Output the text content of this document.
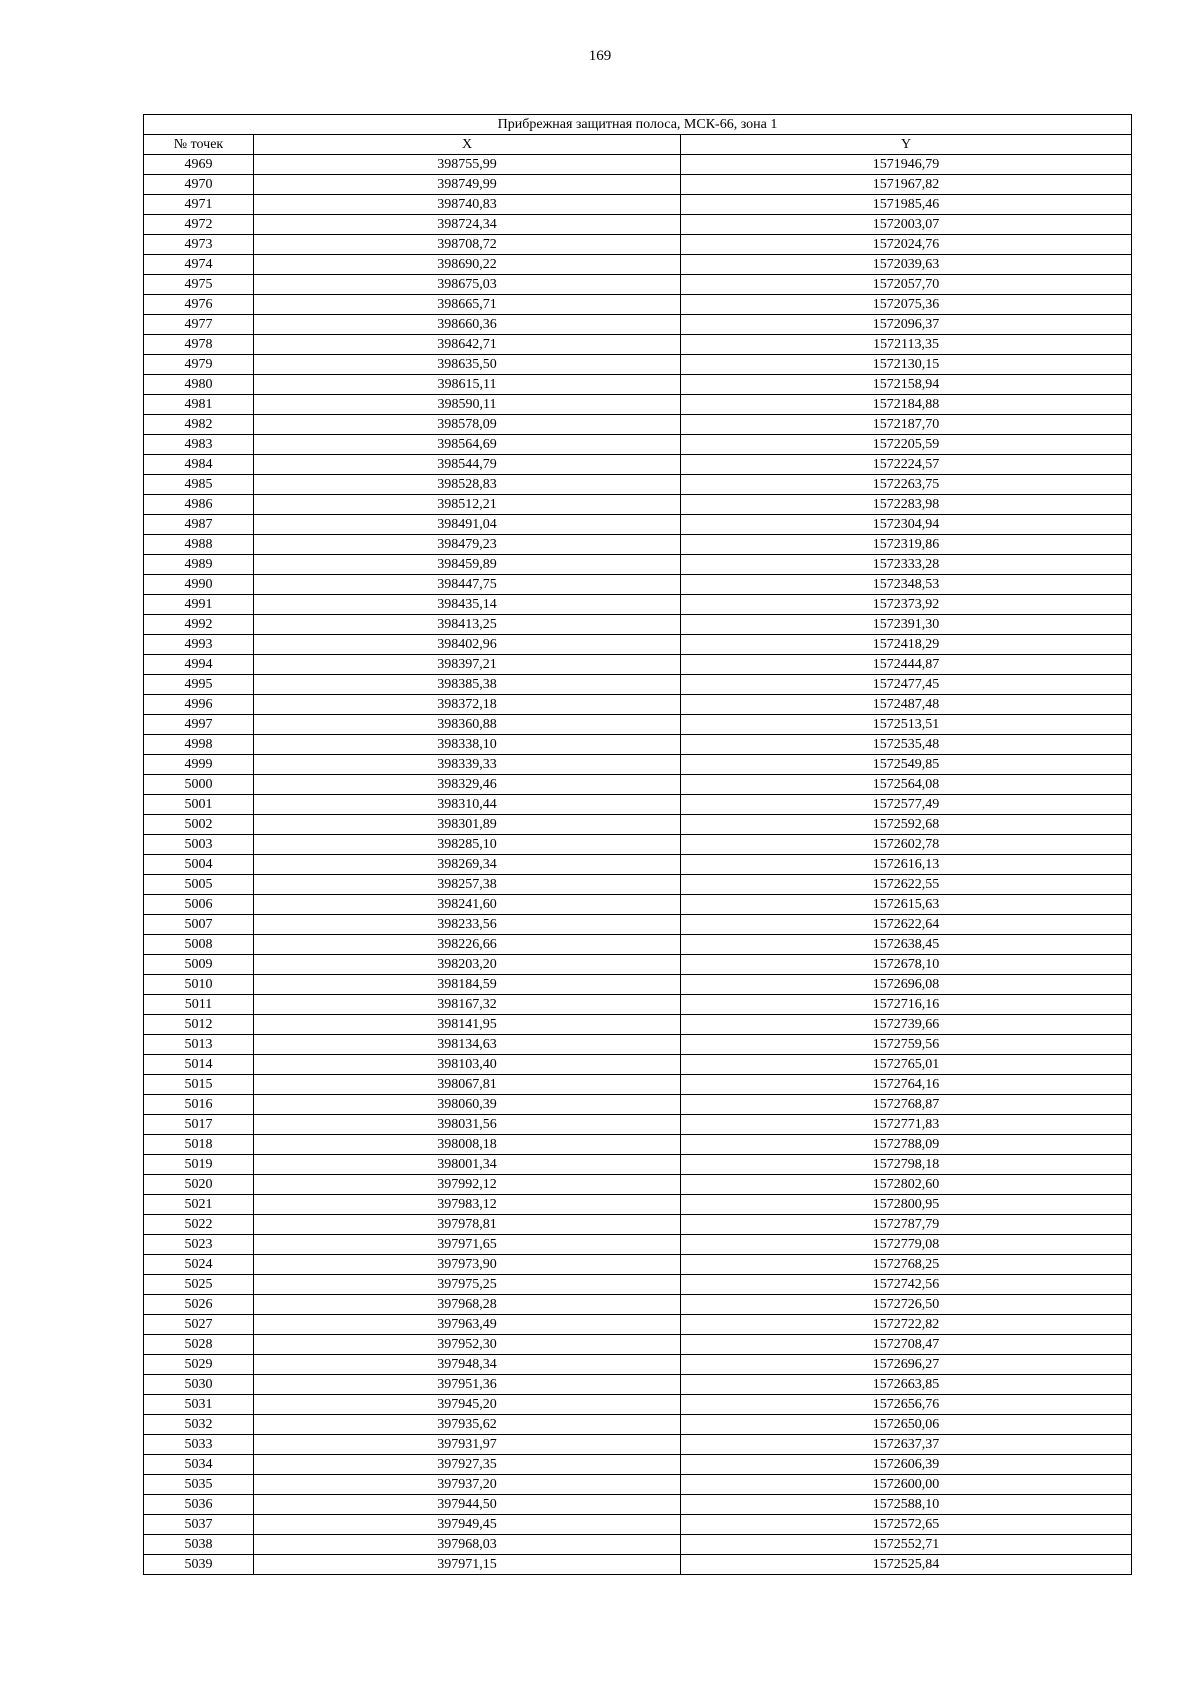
169
Прибрежная защитная полоса, МСК-66, зона 1		
№ точек	X	Y
4969	398755,99	1571946,79
4970	398749,99	1571967,82
4971	398740,83	1571985,46
4972	398724,34	1572003,07
4973	398708,72	1572024,76
4974	398690,22	1572039,63
4975	398675,03	1572057,70
4976	398665,71	1572075,36
4977	398660,36	1572096,37
4978	398642,71	1572113,35
4979	398635,50	1572130,15
4980	398615,11	1572158,94
4981	398590,11	1572184,88
4982	398578,09	1572187,70
4983	398564,69	1572205,59
4984	398544,79	1572224,57
4985	398528,83	1572263,75
4986	398512,21	1572283,98
4987	398491,04	1572304,94
4988	398479,23	1572319,86
4989	398459,89	1572333,28
4990	398447,75	1572348,53
4991	398435,14	1572373,92
4992	398413,25	1572391,30
4993	398402,96	1572418,29
4994	398397,21	1572444,87
4995	398385,38	1572477,45
4996	398372,18	1572487,48
4997	398360,88	1572513,51
4998	398338,10	1572535,48
4999	398339,33	1572549,85
5000	398329,46	1572564,08
5001	398310,44	1572577,49
5002	398301,89	1572592,68
5003	398285,10	1572602,78
5004	398269,34	1572616,13
5005	398257,38	1572622,55
5006	398241,60	1572615,63
5007	398233,56	1572622,64
5008	398226,66	1572638,45
5009	398203,20	1572678,10
5010	398184,59	1572696,08
5011	398167,32	1572716,16
5012	398141,95	1572739,66
5013	398134,63	1572759,56
5014	398103,40	1572765,01
5015	398067,81	1572764,16
5016	398060,39	1572768,87
5017	398031,56	1572771,83
5018	398008,18	1572788,09
5019	398001,34	1572798,18
5020	397992,12	1572802,60
5021	397983,12	1572800,95
5022	397978,81	1572787,79
5023	397971,65	1572779,08
5024	397973,90	1572768,25
5025	397975,25	1572742,56
5026	397968,28	1572726,50
5027	397963,49	1572722,82
5028	397952,30	1572708,47
5029	397948,34	1572696,27
5030	397951,36	1572663,85
5031	397945,20	1572656,76
5032	397935,62	1572650,06
5033	397931,97	1572637,37
5034	397927,35	1572606,39
5035	397937,20	1572600,00
5036	397944,50	1572588,10
5037	397949,45	1572572,65
5038	397968,03	1572552,71
5039	397971,15	1572525,84
